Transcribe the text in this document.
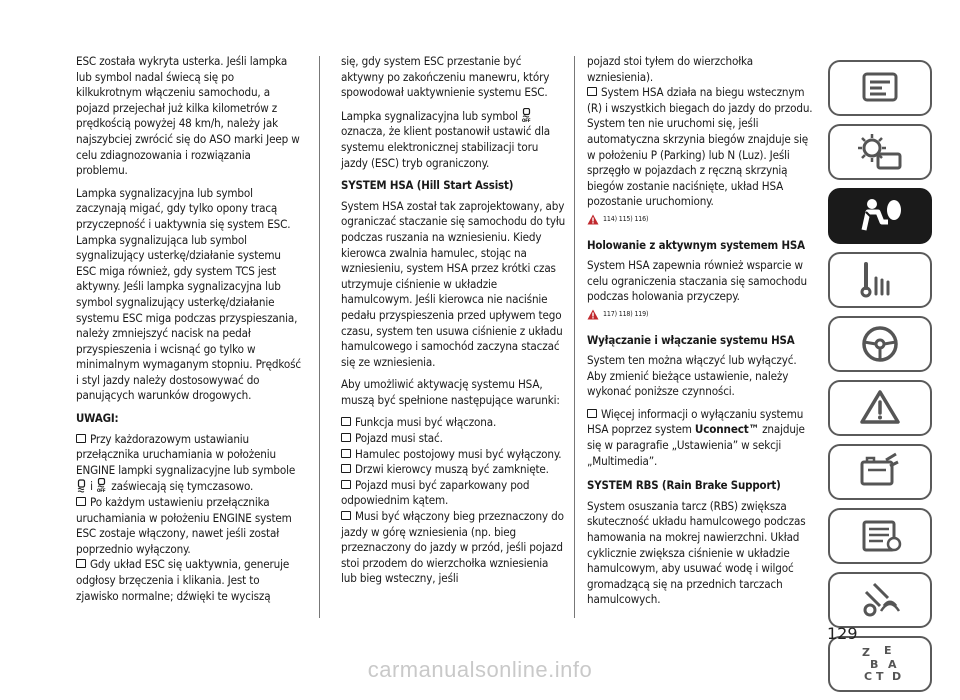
ESC została wykryta usterka. Jeśli lampka lub symbol nadal świecą się po kilkukrotnym włączeniu samochodu, a pojazd przejechał już kilka kilometrów z prędkością powyżej 48 km/h, należy jak najszybciej zwrócić się do ASO marki Jeep w celu zdiagnozowania i rozwiązania problemu.

Lampka sygnalizacyjna lub symbol zaczynają migać, gdy tylko opony tracą przyczepność i uaktywnia się system ESC. Lampka sygnalizująca lub symbol sygnalizujący usterkę/działanie systemu ESC miga również, gdy system TCS jest aktywny. Jeśli lampka sygnalizacyjna lub symbol sygnalizujący usterkę/działanie systemu ESC miga podczas przyspieszania, należy zmniejszyć nacisk na pedał przyspieszenia i wcisnąć go tylko w minimalnym wymaganym stopniu. Prędkość i styl jazdy należy dostosowywać do panujących warunków drogowych.

UWAGI:
Przy każdorazowym ustawianiu przełącznika uruchamiania w położeniu ENGINE lampki sygnalizacyjne lub symbole  i OFF zaświecają się tymczasowo.
Po każdym ustawieniu przełącznika uruchamiania w położeniu ENGINE system ESC zostaje włączony, nawet jeśli został poprzednio wyłączony.
Gdy układ ESC się uaktywnia, generuje odgłosy brzęczenia i klikania. Jest to zjawisko normalne; dźwięki te wyciszą

się, gdy system ESC przestanie być aktywny po zakończeniu manewru, który spowodował uaktywnienie systemu ESC.

Lampka sygnalizacyjna lub symbol OFF
oznacza, że klient postanowił ustawić dla systemu elektronicznej stabilizacji toru jazdy (ESC) tryb ograniczony.

SYSTEM HSA (Hill Start Assist)

System HSA został tak zaprojektowany, aby ograniczać staczanie się samochodu do tyłu podczas ruszania na wzniesieniu. Kiedy kierowca zwalnia hamulec, stojąc na wzniesieniu, system HSA przez krótki czas utrzymuje ciśnienie w układzie hamulcowym. Jeśli kierowca nie naciśnie pedału przyspieszenia przed upływem tego czasu, system ten usuwa ciśnienie z układu hamulcowego i samochód zaczyna staczać się ze wzniesienia.

Aby umożliwić aktywację systemu HSA, muszą być spełnione następujące warunki:

Funkcja musi być włączona.
Pojazd musi stać.
Hamulec postojowy musi być wyłączony.
Drzwi kierowcy muszą być zamknięte.
Pojazd musi być zaparkowany pod odpowiednim kątem.
Musi być włączony bieg przeznaczony do jazdy w górę wzniesienia (np. bieg przeznaczony do jazdy w przód, jeśli pojazd stoi przodem do wierzchołka wzniesienia lub bieg wsteczny, jeśli

pojazd stoi tyłem do wierzchołka wzniesienia).

System HSA działa na biegu wstecznym (R) i wszystkich biegach do jazdy do przodu. System ten nie uruchomi się, jeśli automatyczna skrzynia biegów znajduje się w położeniu P (Parking) lub N (Luz). Jeśli sprzęgło w pojazdach z ręczną skrzynią biegów zostanie naciśnięte, układ HSA pozostanie uruchomiony.
114) 115) 116)
Holowanie z aktywnym systemem HSA

System HSA zapewnia również wsparcie w celu ograniczenia staczania się samochodu podczas holowania przyczepy.

117) 118) 119)
Wyłączanie i włączanie systemu HSA

System ten można włączyć lub wyłączyć. Aby zmienić bieżące ustawienie, należy wykonać poniższe czynności.

Więcej informacji o wyłączaniu systemu HSA poprzez system Uconnect™ znajduje się w paragrafie „Ustawienia” w sekcji „Multimedia”.
SYSTEM RBS (Rain Brake Support)

System osuszania tarcz (RBS) zwiększa skuteczność układu hamulcowego podczas hamowania na mokrej nawierzchni. Układ cyklicznie zwiększa ciśnienie w układzie hamulcowym, aby usuwać wodę i wilgoć gromadzącą się na przednich tarczach hamulcowych.

Z E
B A
C T D
129
carmanualsonline.info
